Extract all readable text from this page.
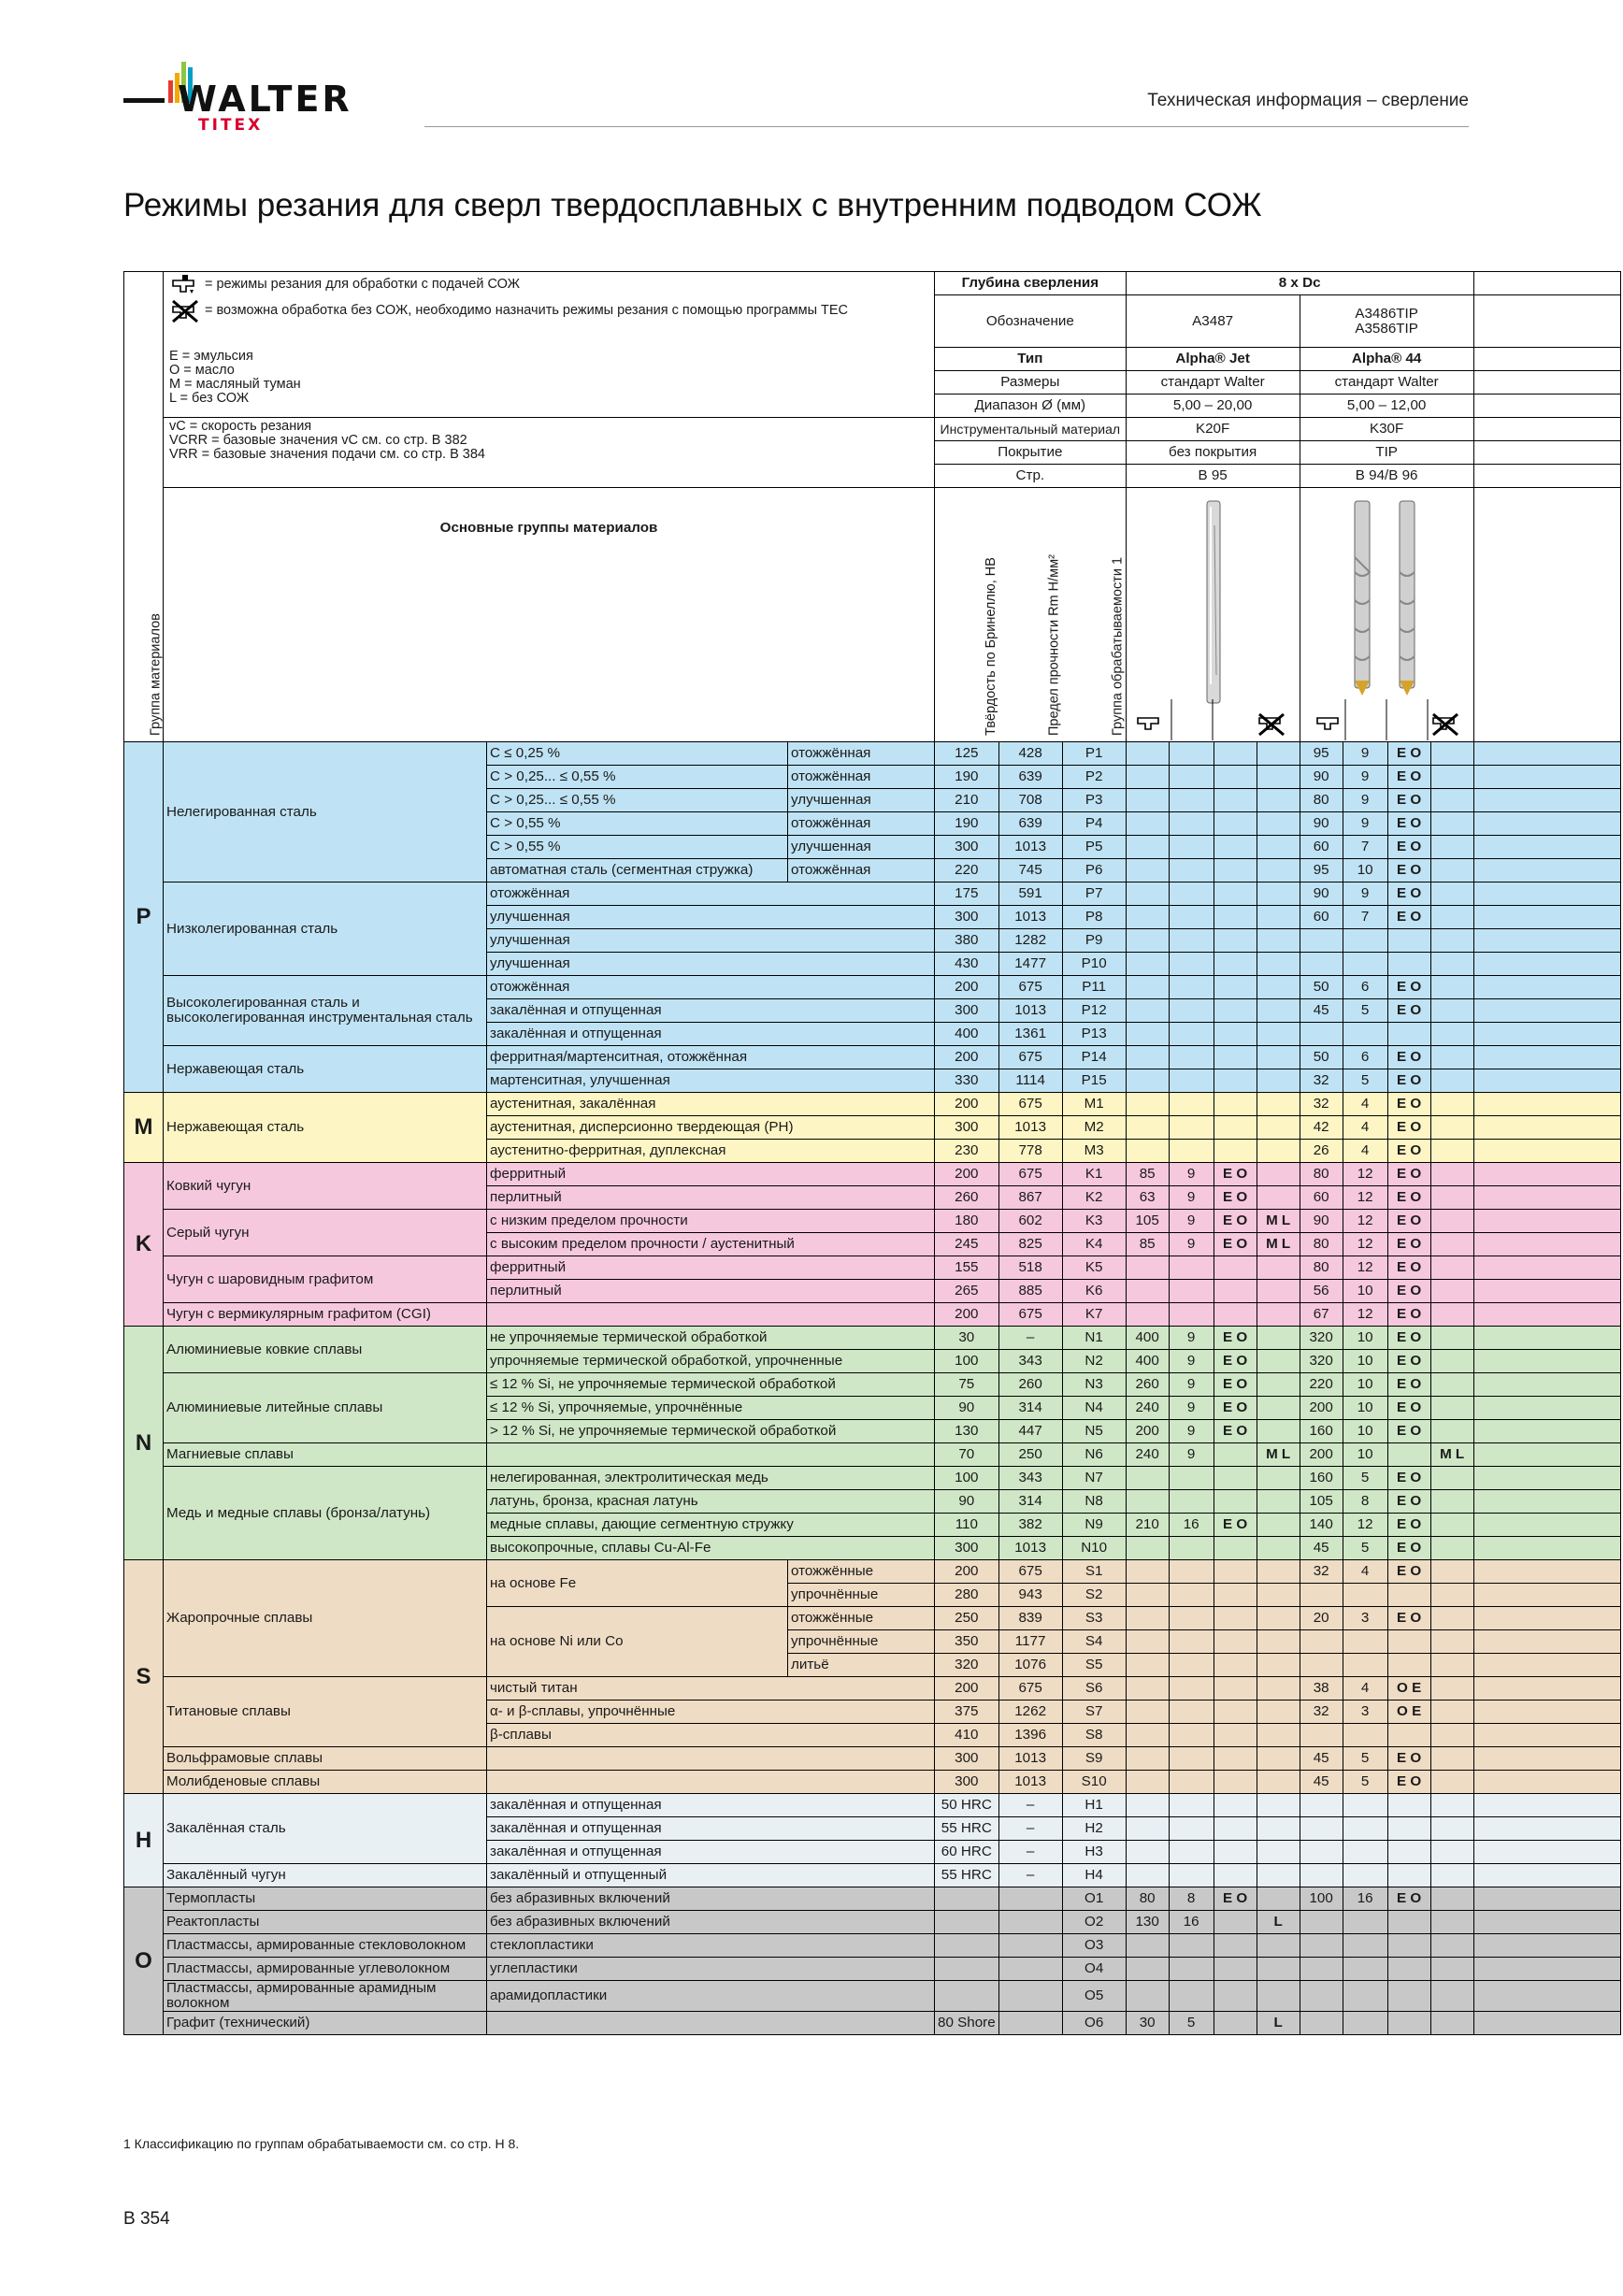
WALTER
TITEX
Техническая информация – сверление
Режимы резания для сверл твердосплавных с внутренним подводом СОЖ
Группа материалов	= режимы резания для обработки с подачей СОЖ
= возможна обработка без СОЖ, необходимо назначить режимы резания с помощью программы TEC			Глубина сверления			8 x Dc								
				Обозначение			A3487				A3486TIP
A3586TIP				

	E = эмульсия
O = масло
M = масляный туман
L = без СОЖ			Тип			Alpha® Jet				Alpha® 44				
				Размеры			стандарт Walter				стандарт Walter				
				Диапазон Ø (мм)			5,00 – 20,00				5,00 – 12,00				

	vC = скорость резания
VCRR = базовые значения vC см. со стр. В 382
VRR = базовые значения подачи см. со стр. В 384			Инструментальный материал			K20F				K30F				
				Покрытие			без покрытия				TIP				
				Стр.			В 95				В 94/В 96				

	Основные группы материалов			Твёрдость по Бринеллю, HB	Предел прочности Rm Н/мм²	Группа обрабатываемости 1	

P	Нелегированная сталь	C ≤ 0,25 %	отожжённая	125	428	P1					95	9	E O		
		C > 0,25... ≤ 0,55 %	отожжённая	190	639	P2					90	9	E O		
		C > 0,25... ≤ 0,55 %	улучшенная	210	708	P3					80	9	E O		
		C > 0,55 %	отожжённая	190	639	P4					90	9	E O		
		C > 0,55 %	улучшенная	300	1013	P5					60	7	E O		
		автоматная сталь (сегментная стружка)	отожжённая	220	745	P6					95	10	E O		
	Низколегированная сталь	отожжённая		175	591	P7					90	9	E O		
		улучшенная		300	1013	P8					60	7	E O		
		улучшенная		380	1282	P9									
		улучшенная		430	1477	P10									
	Высоколегированная сталь и высоколегированная инструментальная сталь	отожжённая		200	675	P11					50	6	E O		
		закалённая и отпущенная		300	1013	P12					45	5	E O		
		закалённая и отпущенная		400	1361	P13									
	Нержавеющая сталь	ферритная/мартенситная, отожжённая		200	675	P14					50	6	E O		
		мартенситная, улучшенная		330	1114	P15					32	5	E O		
M	Нержавеющая сталь	аустенитная, закалённая		200	675	M1					32	4	E O		
		аустенитная, дисперсионно твердеющая (PH)		300	1013	M2					42	4	E O		
		аустенитно-ферритная, дуплексная		230	778	M3					26	4	E O		
K	Ковкий чугун	ферритный		200	675	K1	85	9	E O		80	12	E O		
		перлитный		260	867	K2	63	9	E O		60	12	E O		
	Серый чугун	с низким пределом прочности		180	602	K3	105	9	E O	M L	90	12	E O		
		с высоким пределом прочности / аустенитный		245	825	K4	85	9	E O	M L	80	12	E O		
	Чугун с шаровидным графитом	ферритный		155	518	K5					80	12	E O		
		перлитный		265	885	K6					56	10	E O		
	Чугун с вермикулярным графитом (CGI)			200	675	K7					67	12	E O		
N	Алюминиевые ковкие сплавы	не упрочняемые термической обработкой		30	–	N1	400	9	E O		320	10	E O		
		упрочняемые термической обработкой, упрочненные		100	343	N2	400	9	E O		320	10	E O		
	Алюминиевые литейные сплавы	≤ 12 % Si, не упрочняемые термической обработкой		75	260	N3	260	9	E O		220	10	E O		
		≤ 12 % Si, упрочняемые, упрочнённые		90	314	N4	240	9	E O		200	10	E O		
		> 12 % Si, не упрочняемые термической обработкой		130	447	N5	200	9	E O		160	10	E O		
	Магниевые сплавы			70	250	N6	240	9		M L	200	10		M L	
	Медь и медные сплавы (бронза/латунь)	нелегированная, электролитическая медь		100	343	N7					160	5	E O		
		латунь, бронза, красная латунь		90	314	N8					105	8	E O		
		медные сплавы, дающие сегментную стружку		110	382	N9	210	16	E O		140	12	E O		
		высокопрочные, сплавы Cu-Al-Fe		300	1013	N10					45	5	E O		
S	Жаропрочные сплавы	на основе Fe	отожжённые	200	675	S1					32	4	E O		
			упрочнённые	280	943	S2									
		на основе Ni или Co	отожжённые	250	839	S3					20	3	E O		
			упрочнённые	350	1177	S4									
			литьё	320	1076	S5									
	Титановые сплавы	чистый титан		200	675	S6					38	4	O E		
		α- и β-сплавы, упрочнённые		375	1262	S7					32	3	O E		
		β-сплавы		410	1396	S8									
	Вольфрамовые сплавы			300	1013	S9					45	5	E O		
	Молибденовые сплавы			300	1013	S10					45	5	E O		
H	Закалённая сталь	закалённая и отпущенная		50 HRC	–	H1									
		закалённая и отпущенная		55 HRC	–	H2									
		закалённая и отпущенная		60 HRC	–	H3									
	Закалённый чугун	закалённый и отпущенный		55 HRC	–	H4									
O	Термопласты	без абразивных включений				O1	80	8	E O		100	16	E O		
	Реактопласты	без абразивных включений				O2	130	16		L					
	Пластмассы, армированные стекловолокном	стеклопластики				O3									
	Пластмассы, армированные углеволокном	углепластики				O4									
	Пластмассы, армированные арамидным волокном	арамидопластики				O5									
	Графит (технический)			80 Shore		O6	30	5		L					
1 Классификацию по группам обрабатываемости см. со стр. Н 8.
В 354
